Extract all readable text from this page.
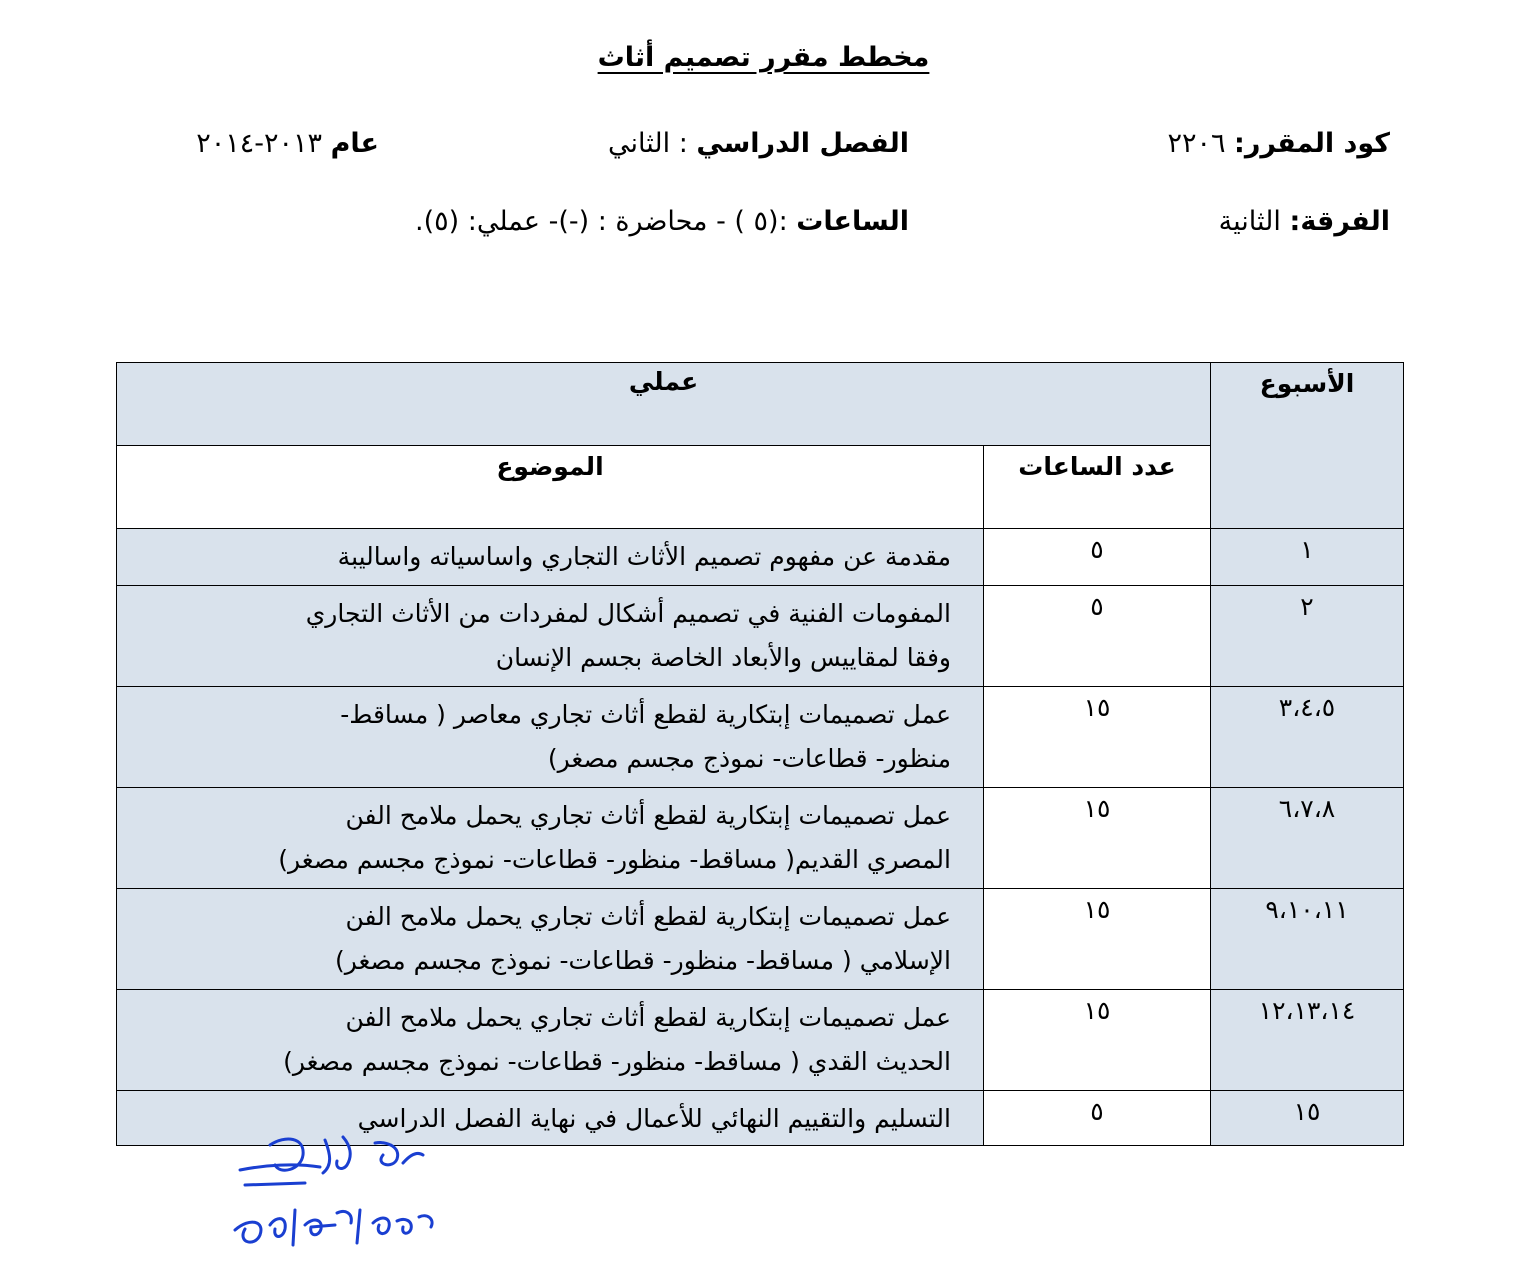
مخطط مقرر تصميم أثاث
كود المقرر: ٢٢٠٦
الفصل الدراسي : الثاني
عام ٢٠١٣-٢٠١٤
الفرقة: الثانية
الساعات :(٥ ) - محاضرة : (-)- عملي: (٥).
الأسبوع	عملي	
	عدد الساعات	الموضوع
١	٥	مقدمة عن مفهوم تصميم الأثاث التجاري واساسياته واساليبة
٢	٥	المفومات الفنية في تصميم أشكال لمفردات من الأثاث التجاري
وفقا لمقاييس والأبعاد الخاصة بجسم الإنسان
٣،٤،٥	١٥	عمل تصميمات إبتكارية لقطع أثاث تجاري معاصر ( مساقط-
منظور- قطاعات- نموذج مجسم مصغر)
٦،٧،٨	١٥	عمل تصميمات إبتكارية لقطع أثاث تجاري يحمل ملامح الفن
المصري القديم( مساقط- منظور- قطاعات- نموذج مجسم مصغر)
٩،١٠،١١	١٥	عمل تصميمات إبتكارية لقطع أثاث تجاري يحمل ملامح الفن
الإسلامي ( مساقط- منظور- قطاعات- نموذج مجسم مصغر)
١٢،١٣،١٤	١٥	عمل تصميمات إبتكارية لقطع أثاث تجاري يحمل ملامح الفن
الحديث القدي ( مساقط- منظور- قطاعات- نموذج مجسم مصغر)
١٥	٥	التسليم والتقييم النهائي للأعمال في نهاية الفصل الدراسي
